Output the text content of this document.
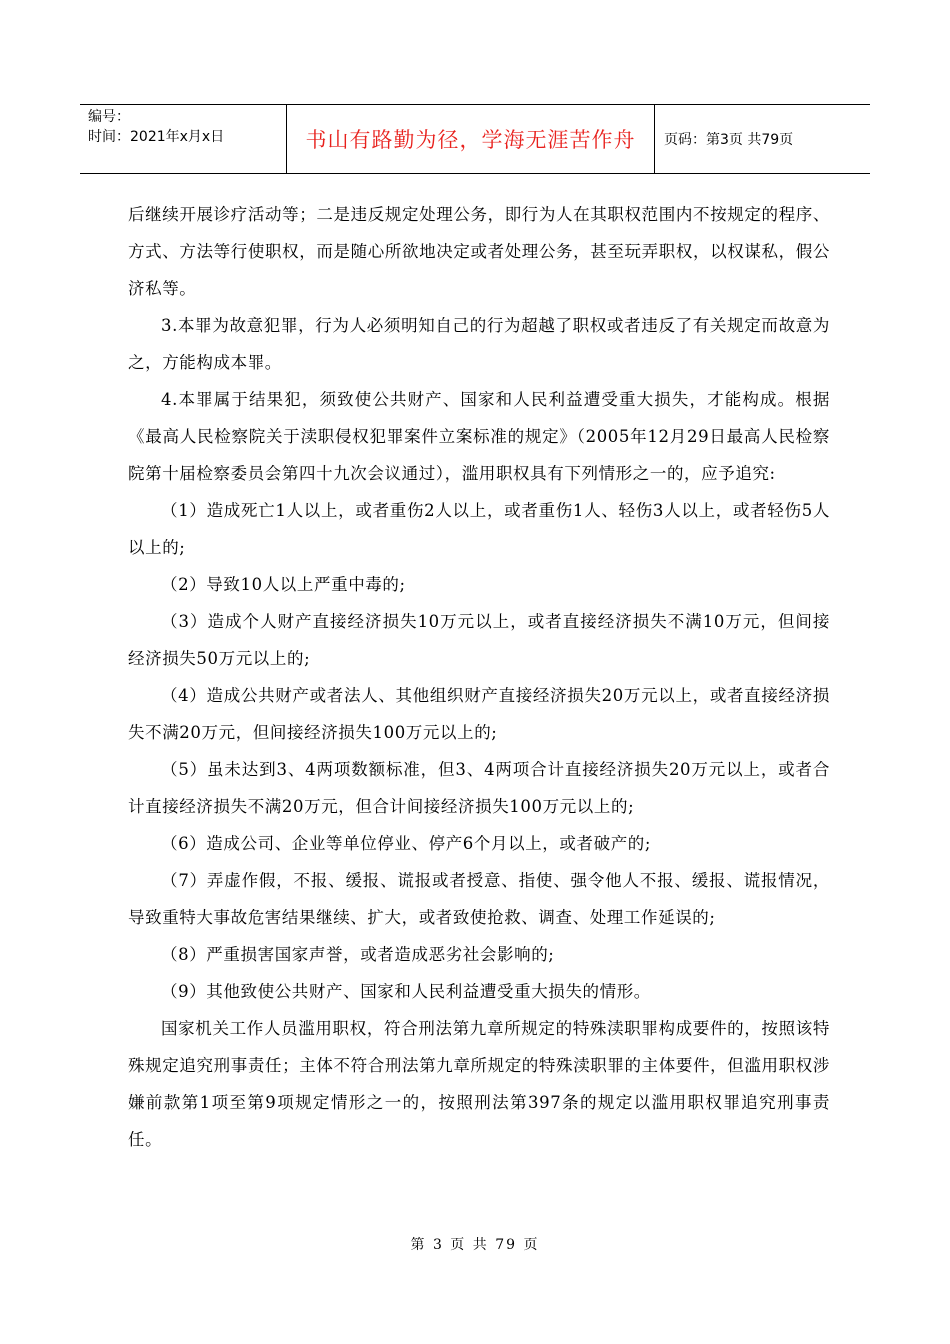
编号：
时间：2021年x月x日	书山有路勤为径，学海无涯苦作舟	页码：第3页 共79页

后继续开展诊疗活动等；二是违反规定处理公务，即行为人在其职权范围内不按规定的程序、方式、方法等行使职权，而是随心所欲地决定或者处理公务，甚至玩弄职权，以权谋私，假公济私等。

3.本罪为故意犯罪，行为人必须明知自己的行为超越了职权或者违反了有关规定而故意为之，方能构成本罪。

4.本罪属于结果犯，须致使公共财产、国家和人民利益遭受重大损失，才能构成。根据《最高人民检察院关于渎职侵权犯罪案件立案标准的规定》（2005年12月29日最高人民检察院第十届检察委员会第四十九次会议通过），滥用职权具有下列情形之一的，应予追究:

（1）造成死亡1人以上，或者重伤2人以上，或者重伤1人、轻伤3人以上，或者轻伤5人以上的;

（2）导致10人以上严重中毒的;

（3）造成个人财产直接经济损失10万元以上，或者直接经济损失不满10万元，但间接经济损失50万元以上的;

（4）造成公共财产或者法人、其他组织财产直接经济损失20万元以上，或者直接经济损失不满20万元，但间接经济损失100万元以上的;

（5）虽未达到3、4两项数额标准，但3、4两项合计直接经济损失20万元以上，或者合计直接经济损失不满20万元，但合计间接经济损失100万元以上的;

（6）造成公司、企业等单位停业、停产6个月以上，或者破产的;

（7）弄虚作假，不报、缓报、谎报或者授意、指使、强令他人不报、缓报、谎报情况，导致重特大事故危害结果继续、扩大，或者致使抢救、调查、处理工作延误的;

（8）严重损害国家声誉，或者造成恶劣社会影响的;

（9）其他致使公共财产、国家和人民利益遭受重大损失的情形。

国家机关工作人员滥用职权，符合刑法第九章所规定的特殊渎职罪构成要件的，按照该特殊规定追究刑事责任；主体不符合刑法第九章所规定的特殊渎职罪的主体要件，但滥用职权涉嫌前款第1项至第9项规定情形之一的，按照刑法第397条的规定以滥用职权罪追究刑事责任。

第 3 页 共 79 页
